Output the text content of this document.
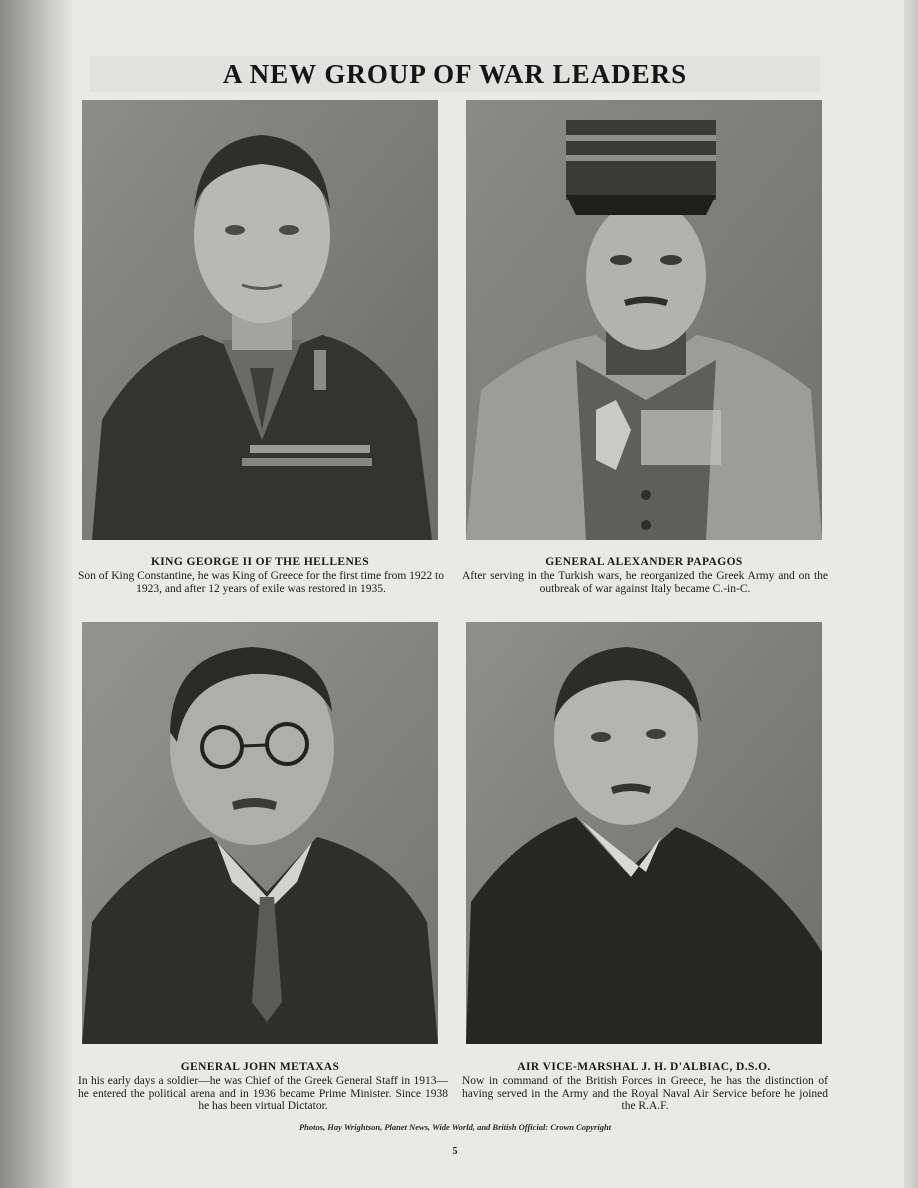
A NEW GROUP OF WAR LEADERS

KING GEORGE II OF THE HELLENES

Son of King Constantine, he was King of Greece for the first time from 1922 to 1923, and after 12 years of exile was restored in 1935.

GENERAL ALEXANDER PAPAGOS

After serving in the Turkish wars, he reorganized the Greek Army and on the outbreak of war against Italy became C.-in-C.

GENERAL JOHN METAXAS

In his early days a soldier—he was Chief of the Greek General Staff in 1913—he entered the political arena and in 1936 became Prime Minister. Since 1938 he has been virtual Dictator.

AIR VICE-MARSHAL J. H. D'ALBIAC, D.S.O.

Now in command of the British Forces in Greece, he has the distinction of having served in the Army and the Royal Naval Air Service before he joined the R.A.F.

Photos, Hay Wrightson, Planet News, Wide World, and British Official: Crown Copyright

5
